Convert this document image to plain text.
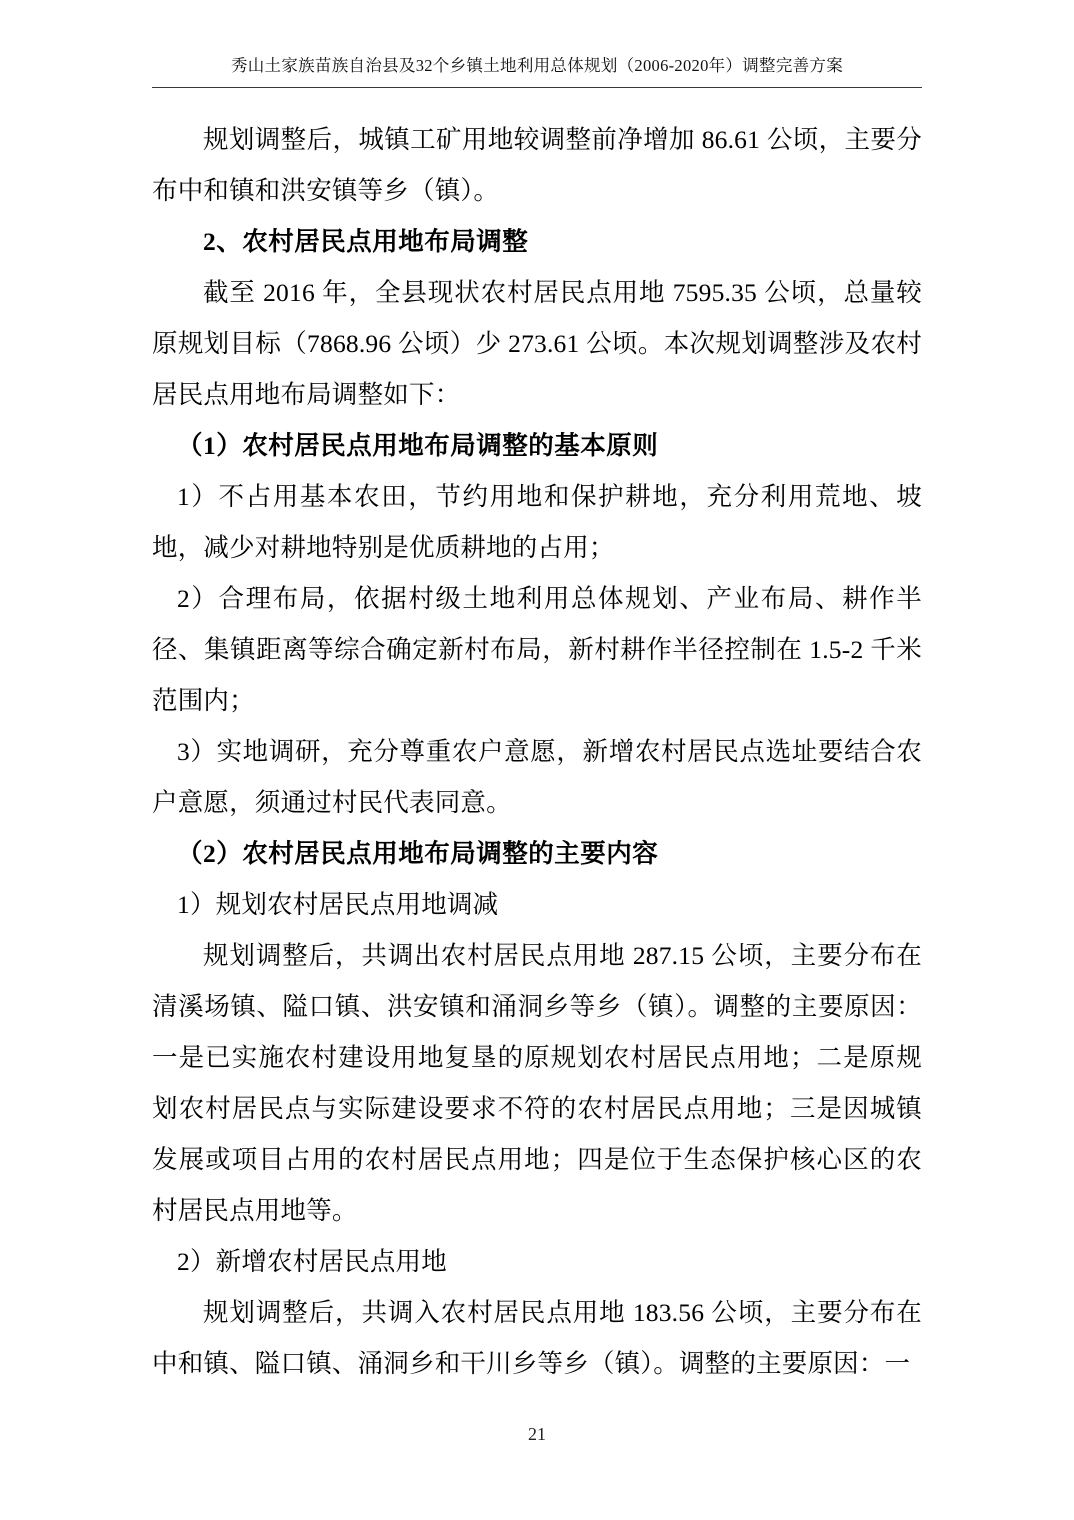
秀山土家族苗族自治县及32个乡镇土地利用总体规划（2006-2020年）调整完善方案

规划调整后，城镇工矿用地较调整前净增加 86.61 公顷，主要分布中和镇和洪安镇等乡（镇）。

2、农村居民点用地布局调整

截至 2016 年，全县现状农村居民点用地 7595.35 公顷，总量较原规划目标（7868.96 公顷）少 273.61 公顷。本次规划调整涉及农村居民点用地布局调整如下：

（1）农村居民点用地布局调整的基本原则

1）不占用基本农田，节约用地和保护耕地，充分利用荒地、坡地，减少对耕地特别是优质耕地的占用；

2）合理布局，依据村级土地利用总体规划、产业布局、耕作半径、集镇距离等综合确定新村布局，新村耕作半径控制在 1.5-2 千米范围内；

3）实地调研，充分尊重农户意愿，新增农村居民点选址要结合农户意愿，须通过村民代表同意。

（2）农村居民点用地布局调整的主要内容

1）规划农村居民点用地调减

规划调整后，共调出农村居民点用地 287.15 公顷，主要分布在清溪场镇、隘口镇、洪安镇和涌洞乡等乡（镇）。调整的主要原因：一是已实施农村建设用地复垦的原规划农村居民点用地；二是原规划农村居民点与实际建设要求不符的农村居民点用地；三是因城镇发展或项目占用的农村居民点用地；四是位于生态保护核心区的农村居民点用地等。

2）新增农村居民点用地

规划调整后，共调入农村居民点用地 183.56 公顷，主要分布在中和镇、隘口镇、涌洞乡和干川乡等乡（镇）。调整的主要原因：一

21
